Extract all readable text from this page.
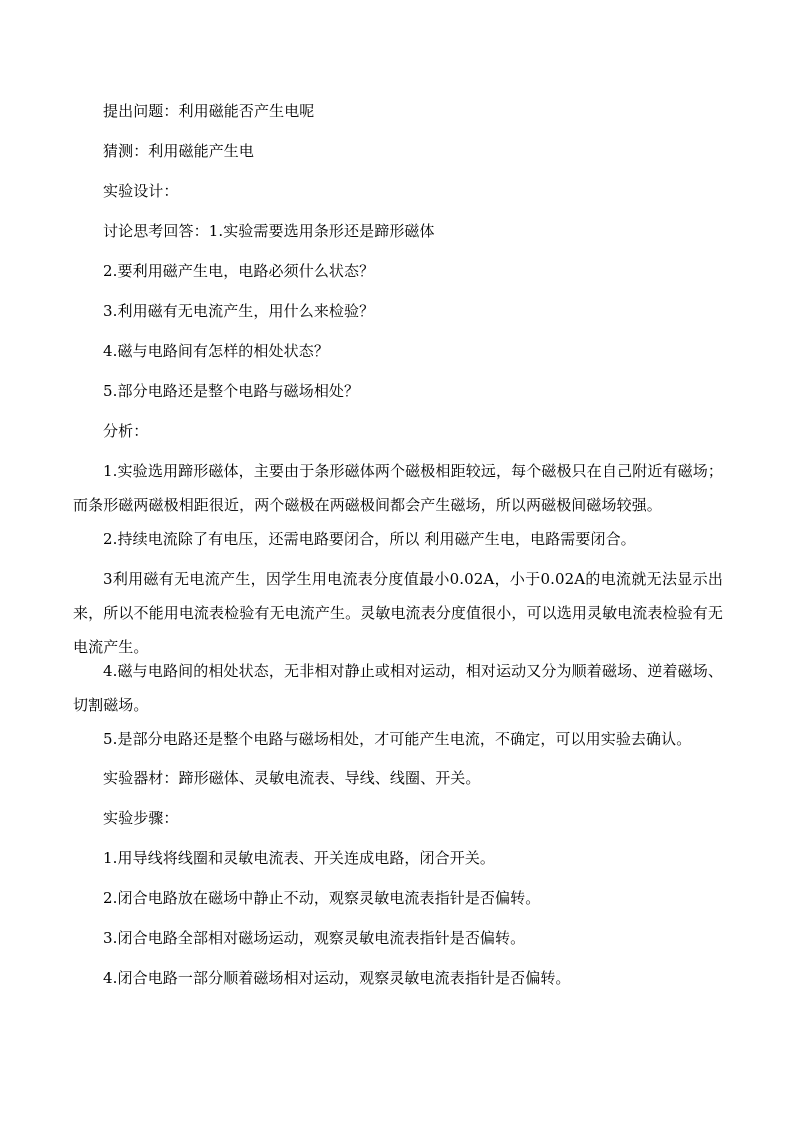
提出问题：利用磁能否产生电呢
猜测：利用磁能产生电
实验设计：
讨论思考回答：1.实验需要选用条形还是蹄形磁体
2.要利用磁产生电，电路必须什么状态？
3.利用磁有无电流产生，用什么来检验？
4.磁与电路间有怎样的相处状态？
5.部分电路还是整个电路与磁场相处？
分析：
1.实验选用蹄形磁体，主要由于条形磁体两个磁极相距较远，每个磁极只在自己附近有磁场；而条形磁两磁极相距很近，两个磁极在两磁极间都会产生磁场，所以两磁极间磁场较强。
2.持续电流除了有电压，还需电路要闭合，所以 利用磁产生电，电路需要闭合。
3利用磁有无电流产生，因学生用电流表分度值最小0.02A，小于0.02A的电流就无法显示出来，所以不能用电流表检验有无电流产生。灵敏电流表分度值很小，可以选用灵敏电流表检验有无电流产生。
4.磁与电路间的相处状态，无非相对静止或相对运动，相对运动又分为顺着磁场、逆着磁场、切割磁场。
5.是部分电路还是整个电路与磁场相处，才可能产生电流，不确定，可以用实验去确认。
实验器材：蹄形磁体、灵敏电流表、导线、线圈、开关。
实验步骤：
1.用导线将线圈和灵敏电流表、开关连成电路，闭合开关。
2.闭合电路放在磁场中静止不动，观察灵敏电流表指针是否偏转。
3.闭合电路全部相对磁场运动，观察灵敏电流表指针是否偏转。
4.闭合电路一部分顺着磁场相对运动，观察灵敏电流表指针是否偏转。
